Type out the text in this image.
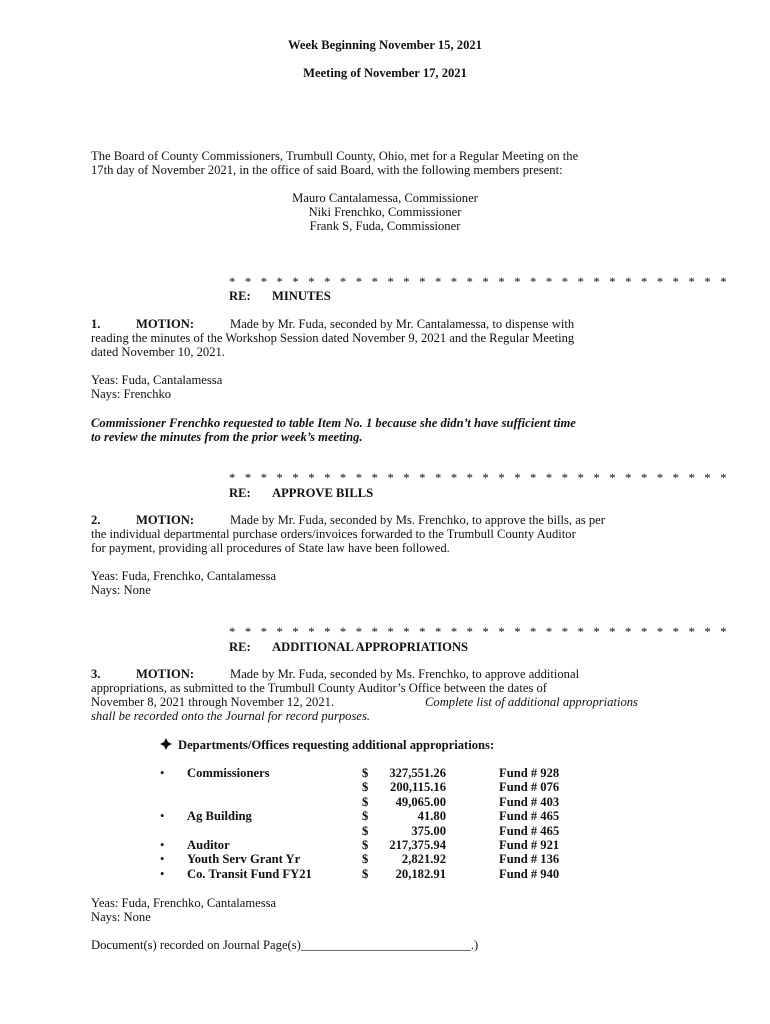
Week Beginning November 15, 2021
Meeting of November 17, 2021
The Board of County Commissioners, Trumbull County, Ohio, met for a Regular Meeting on the
17th day of November 2021, in the office of said Board, with the following members present:
Mauro Cantalamessa, Commissioner
Niki Frenchko, Commissioner
Frank S, Fuda, Commissioner
* * * * * * * * * * * * * * * * * * * * * * * * * * * * * * * *
RE: MINUTES
1.	MOTION:	Made by Mr. Fuda, seconded by Mr. Cantalamessa, to dispense with
reading the minutes of the Workshop Session dated November 9, 2021 and the Regular Meeting
dated November 10, 2021.
Yeas: Fuda, Cantalamessa
Nays: Frenchko
Commissioner Frenchko requested to table Item No. 1 because she didn’t have sufficient time
to review the minutes from the prior week’s meeting.
* * * * * * * * * * * * * * * * * * * * * * * * * * * * * * * *
RE: APPROVE BILLS
2.	MOTION:	Made by Mr. Fuda, seconded by Ms. Frenchko, to approve the bills, as per
the individual departmental purchase orders/invoices forwarded to the Trumbull County Auditor
for payment, providing all procedures of State law have been followed.
Yeas: Fuda, Frenchko, Cantalamessa
Nays: None
* * * * * * * * * * * * * * * * * * * * * * * * * * * * * * * *
RE: ADDITIONAL APPROPRIATIONS
3.	MOTION:	Made by Mr. Fuda, seconded by Ms. Frenchko, to approve additional
appropriations, as submitted to the Trumbull County Auditor’s Office between the dates of
November 8, 2021 through November 12, 2021.	Complete list of additional appropriations
shall be recorded onto the Journal for record purposes.
Departments/Offices requesting additional appropriations:
• Commissioners	$ 327,551.26	Fund # 928
$ 200,115.16	Fund # 076
$ 49,065.00	Fund # 403
• Ag Building	$	41.80	Fund # 465
$	375.00	Fund # 465
• Auditor	$ 217,375.94	Fund # 921
• Youth Serv Grant Yr	$	2,821.92	Fund # 136
• Co. Transit Fund FY21	$ 20,182.91	Fund # 940
Yeas: Fuda, Frenchko, Cantalamessa
Nays: None
Document(s) recorded on Journal Page(s)___________________________.)
